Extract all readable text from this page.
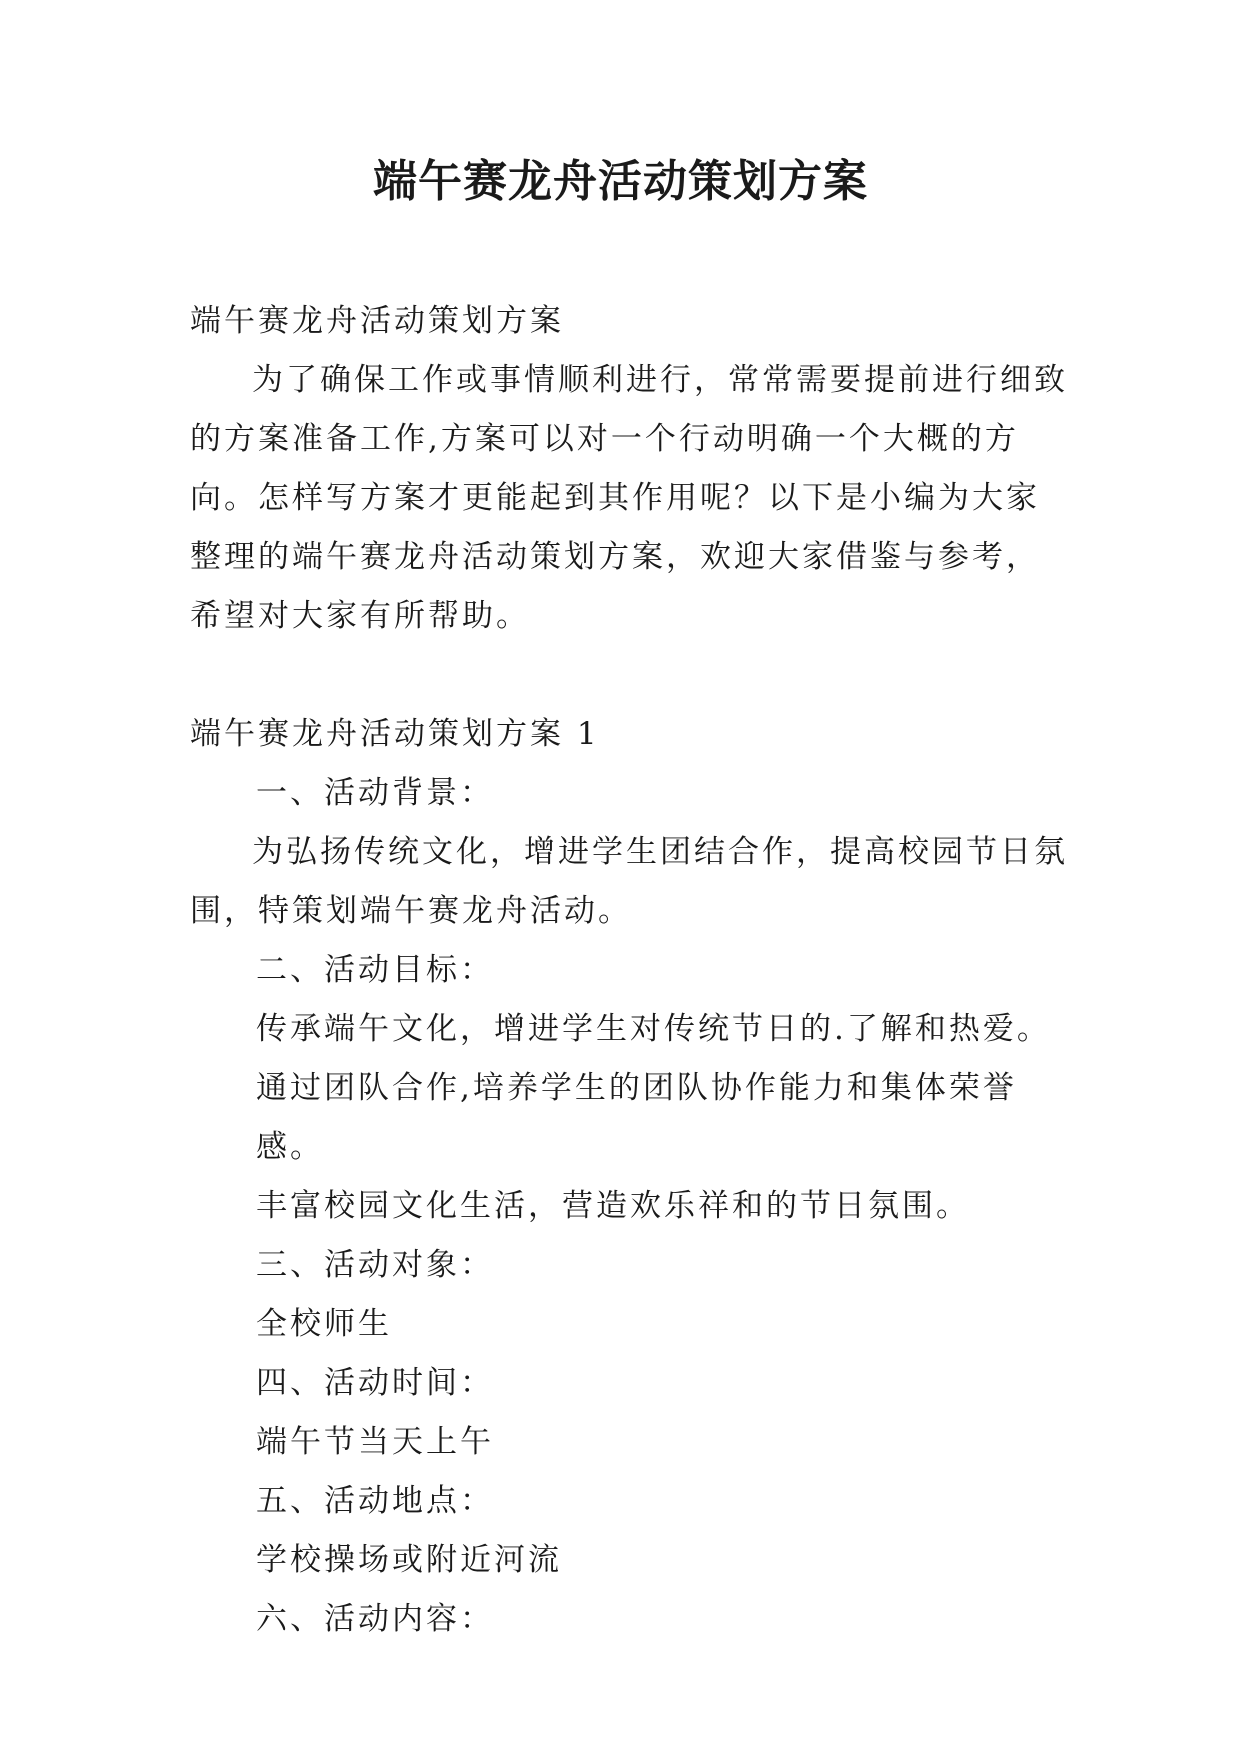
端午赛龙舟活动策划方案

端午赛龙舟活动策划方案

为了确保工作或事情顺利进行，常常需要提前进行细致的方案准备工作,方案可以对一个行动明确一个大概的方向。怎样写方案才更能起到其作用呢？以下是小编为大家整理的端午赛龙舟活动策划方案，欢迎大家借鉴与参考，希望对大家有所帮助。

端午赛龙舟活动策划方案 1

一、活动背景：

为弘扬传统文化，增进学生团结合作，提高校园节日氛围，特策划端午赛龙舟活动。

二、活动目标：

传承端午文化，增进学生对传统节日的.了解和热爱。

通过团队合作,培养学生的团队协作能力和集体荣誉感。

丰富校园文化生活，营造欢乐祥和的节日氛围。

三、活动对象：

全校师生

四、活动时间：

端午节当天上午

五、活动地点：

学校操场或附近河流

六、活动内容：
